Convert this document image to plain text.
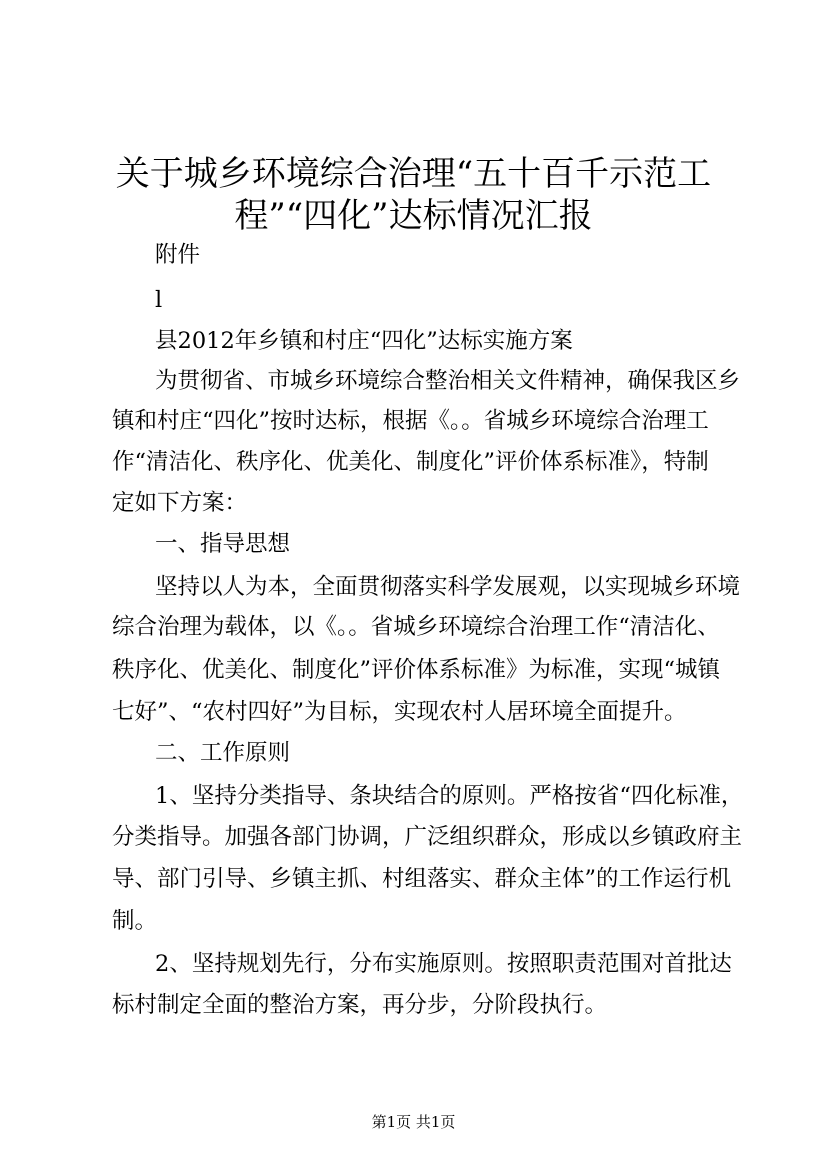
关于城乡环境综合治理“五十百千示范工
程”“四化”达标情况汇报

附件

l

县2012年乡镇和村庄“四化”达标实施方案

为贯彻省、市城乡环境综合整治相关文件精神，确保我区乡

镇和村庄“四化”按时达标，根据《。。省城乡环境综合治理工

作“清洁化、秩序化、优美化、制度化”评价体系标准》，特制

定如下方案：

一、指导思想

坚持以人为本，全面贯彻落实科学发展观，以实现城乡环境

综合治理为载体，以《。。省城乡环境综合治理工作“清洁化、

秩序化、优美化、制度化”评价体系标准》为标准，实现“城镇

七好”、“农村四好”为目标，实现农村人居环境全面提升。

二、工作原则

1、坚持分类指导、条块结合的原则。严格按省“四化标准，

分类指导。加强各部门协调，广泛组织群众，形成以乡镇政府主

导、部门引导、乡镇主抓、村组落实、群众主体”的工作运行机

制。

2、坚持规划先行，分布实施原则。按照职责范围对首批达

标村制定全面的整治方案，再分步，分阶段执行。

第1页 共1页
